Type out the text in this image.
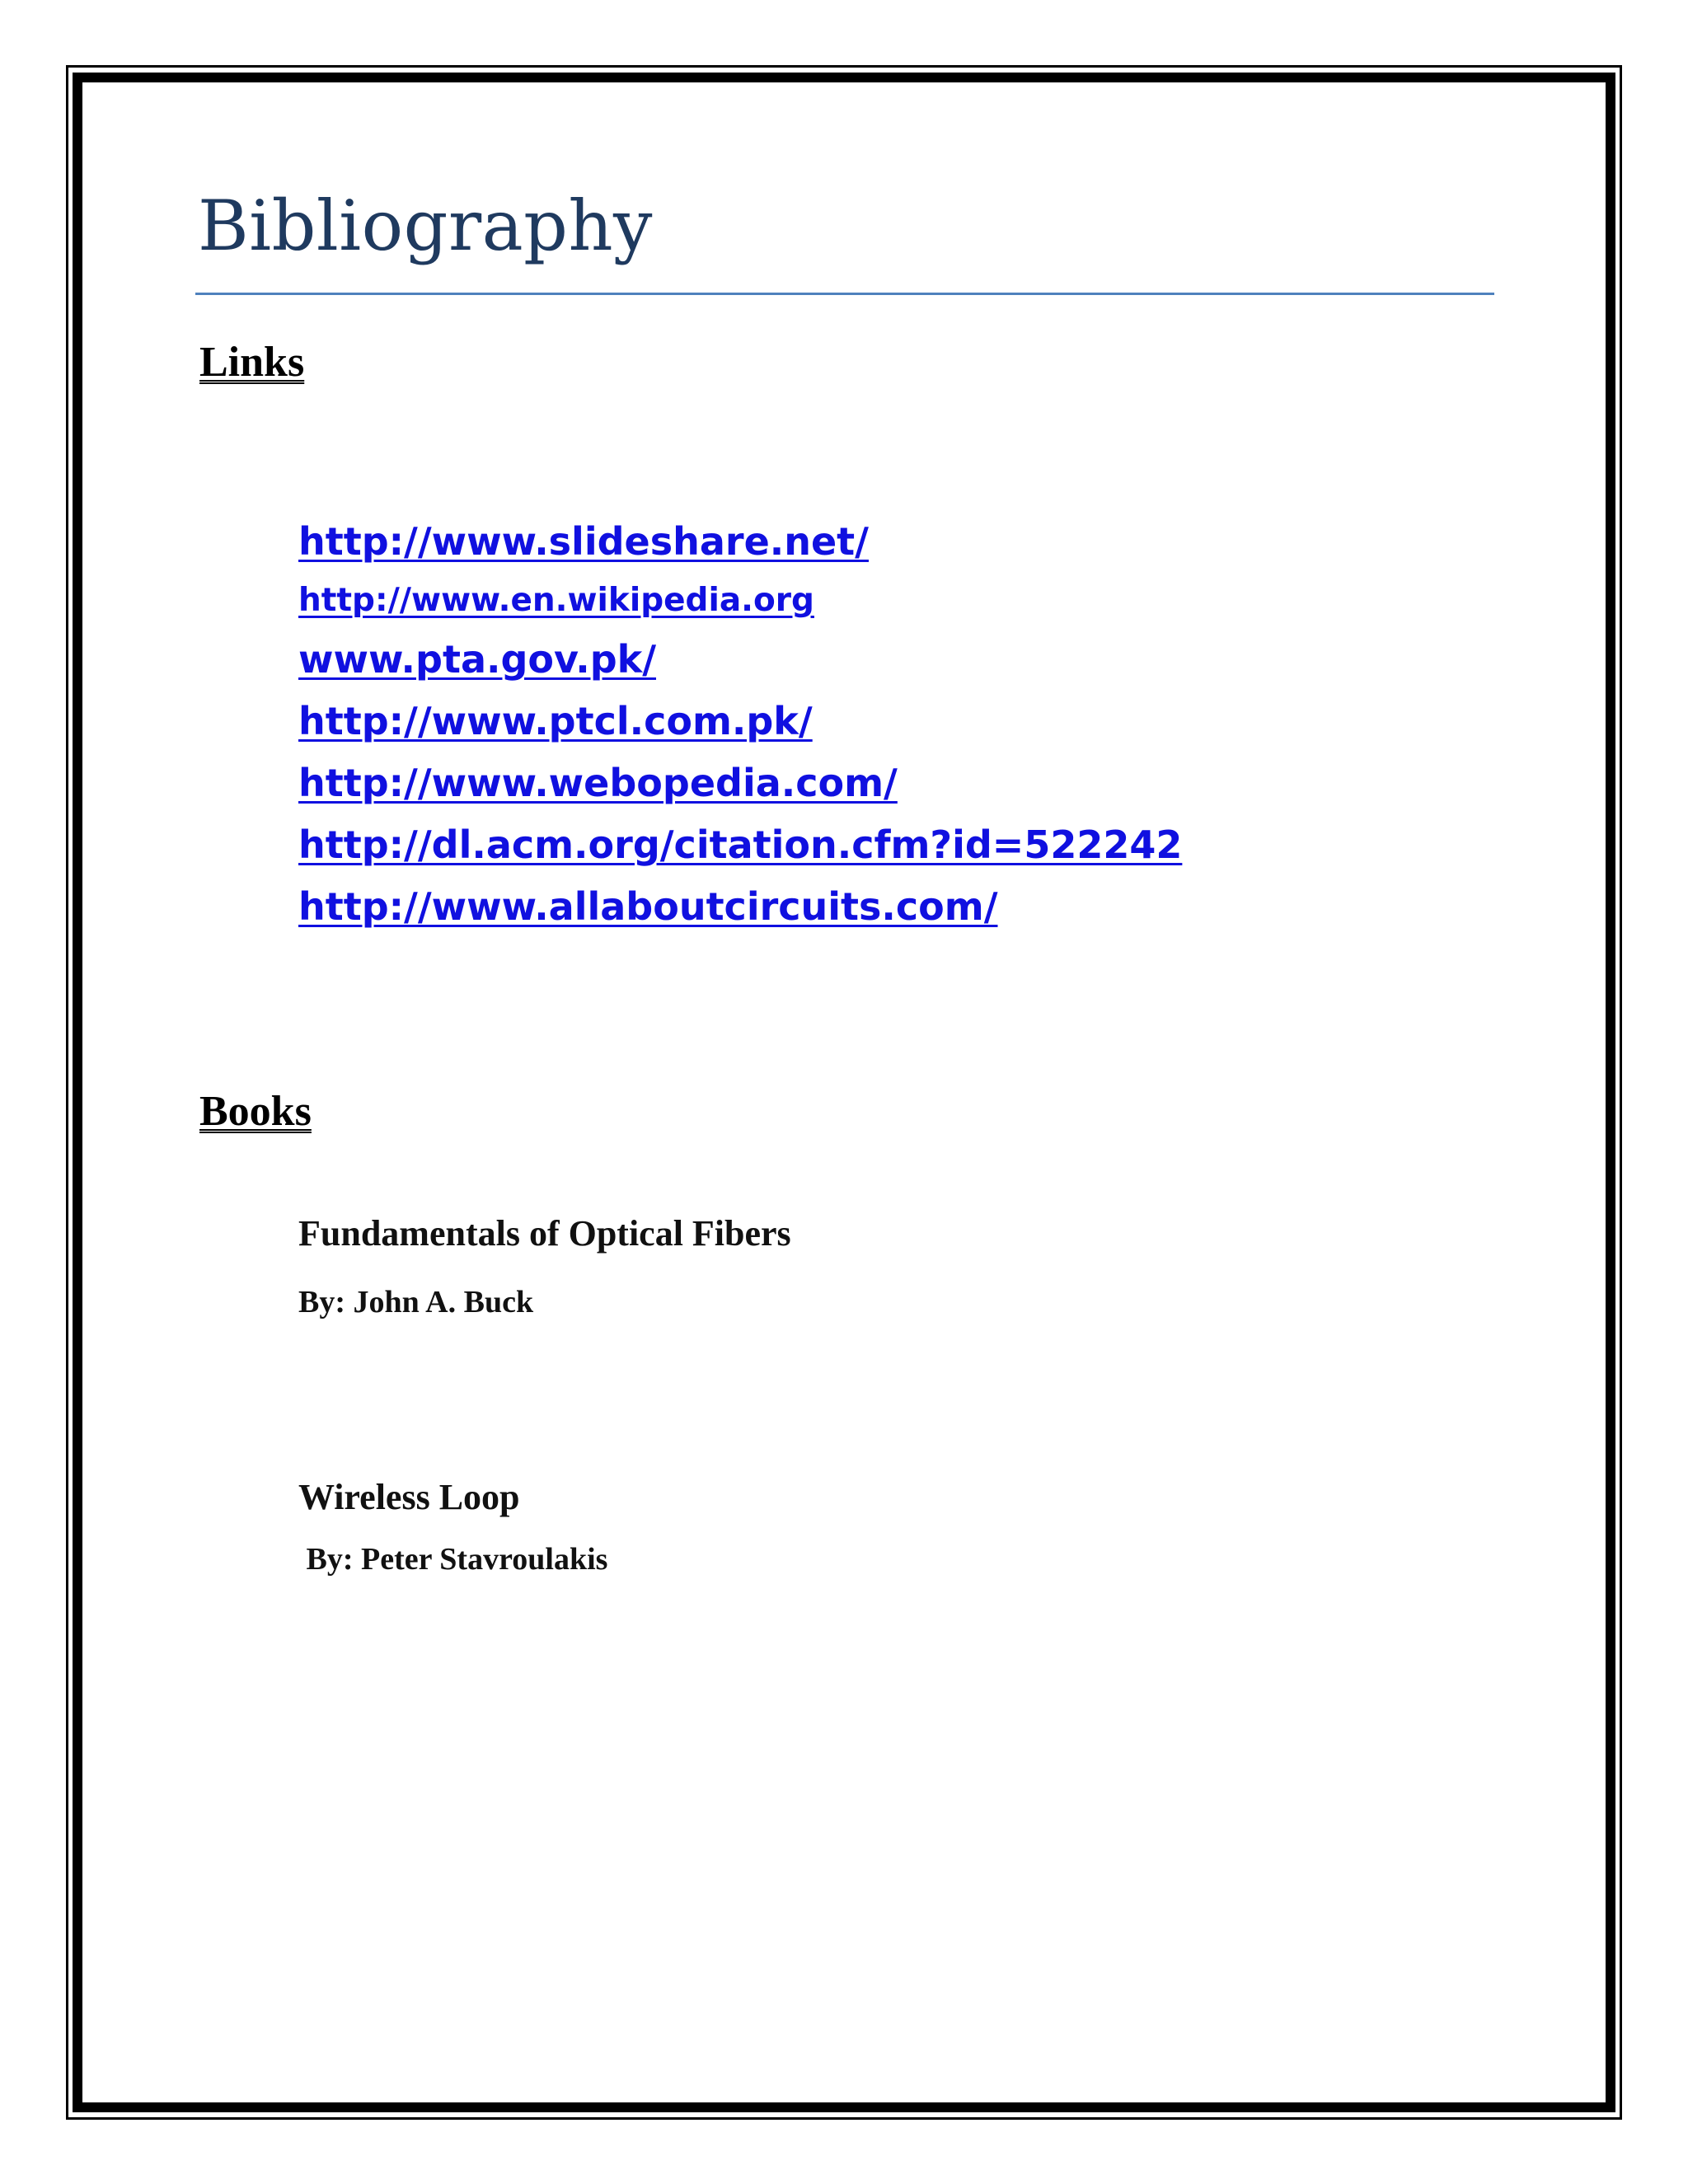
Bibliography
Links
http://www.slideshare.net/
http://www.en.wikipedia.org
www.pta.gov.pk/
http://www.ptcl.com.pk/
http://www.webopedia.com/
http://dl.acm.org/citation.cfm?id=522242
http://www.allaboutcircuits.com/
Books

Fundamentals of Optical Fibers

By: John A. Buck

Wireless Loop

By: Peter Stavroulakis
